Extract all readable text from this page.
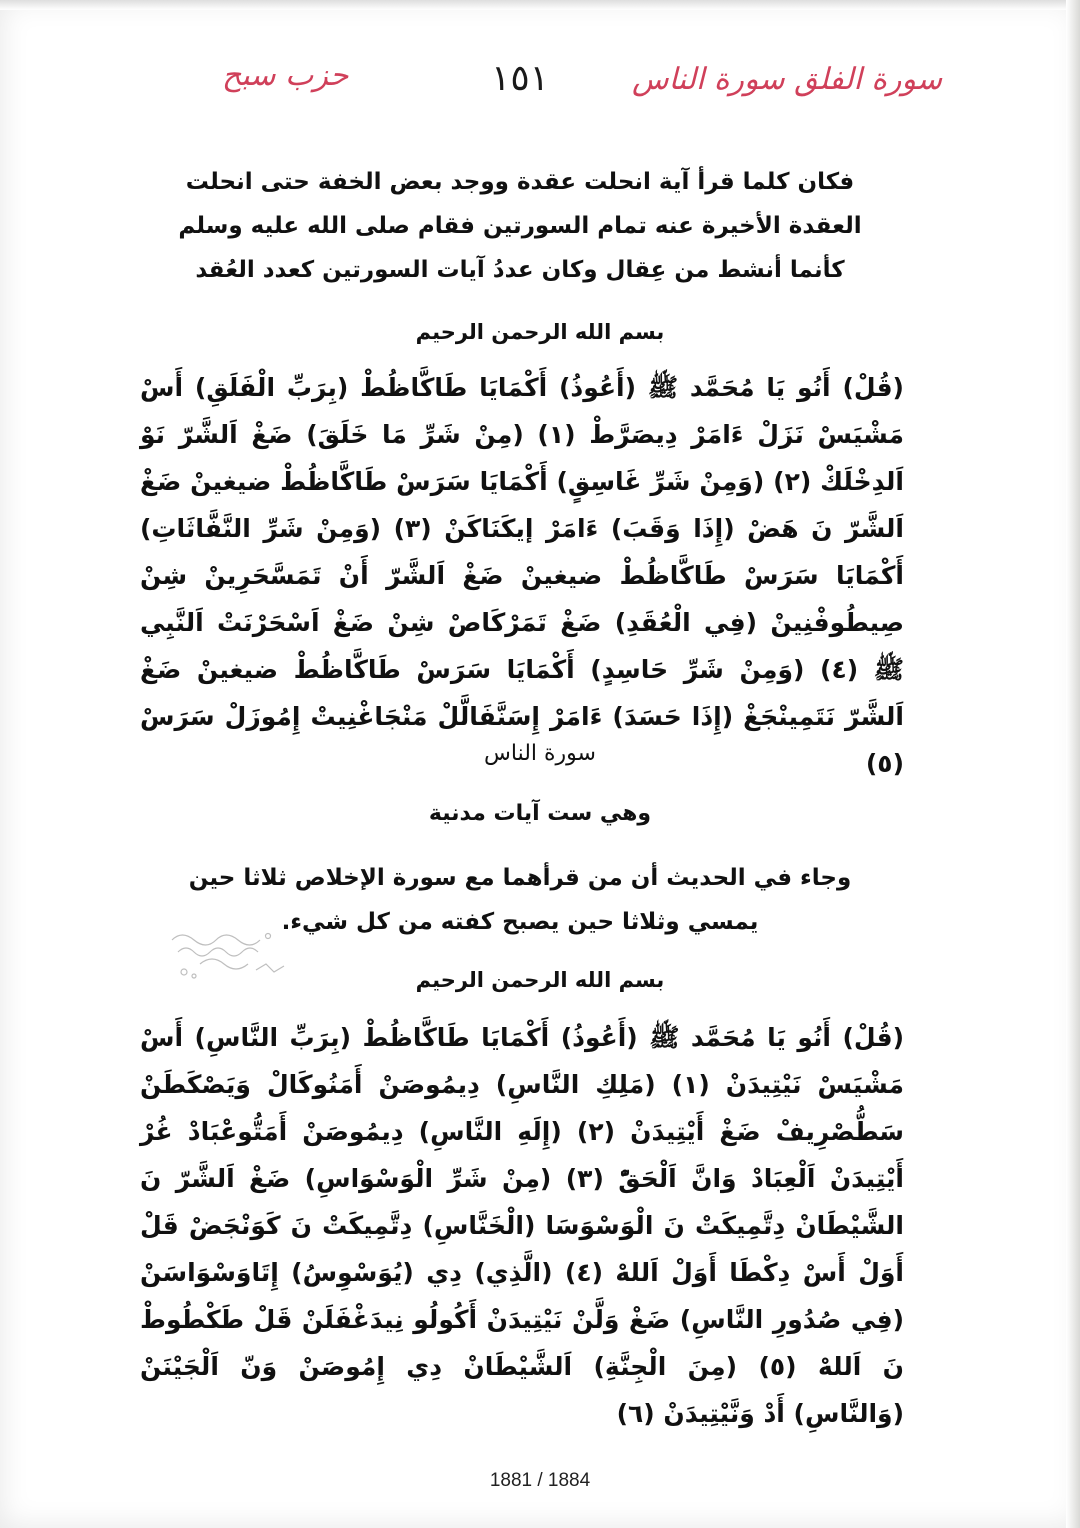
حزب سبح	١٥١	سورة الفلق سورة الناس
فكان كلما قرأ آية انحلت عقدة ووجد بعض الخفة حتى انحلت العقدة الأخيرة عنه تمام السورتين فقام صلى الله عليه وسلم كأنما أنشط من عِقال وكان عددُ آيات السورتين كعدد العُقد
بسم الله الرحمن الرحيم
(قُلْ) أَنُو يَا مُحَمَّد ﷺ (أَعُوذُ) أَكْمَايَا طَاكَّاظُطْ (بِرَبِّ الْفَلَقِ) أَسْ مَشْيَسْ نَزَلْ ءَامَرْ دِيصَرَّطْ (١) (مِنْ شَرِّ مَا خَلَقَ) ضَغْ اَلشَّرّ نَوْ اَلدِخْلَكْ (٢) (وَمِنْ شَرِّ غَاسِقٍ) أَكْمَايَا سَرَسْ طَاكَّاظُطْ ضيغينْ ضَغْ اَلشَّرّ نَ هَضْ (إِذَا وَقَبَ) ءَامَرْ إيكَنَاكَنْ (٣) (وَمِنْ شَرِّ النَّفَّاثَاتِ) أَكْمَايَا سَرَسْ طَاكَّاظُطْ ضيغينْ ضَغْ اَلشَّرّ أَنْ تَمَسَّحَرِينْ شِنْ صِيطُوفْنِينْ (فِي الْعُقَدِ) ضَغْ تَمَرْكَاصْ شِنْ ضَغْ اَسْحَرْنَتْ اَلنَّبِي ﷺ (٤) (وَمِنْ شَرِّ حَاسِدٍ) أَكْمَايَا سَرَسْ طَاكَّاظُطْ ضيغينْ ضَغْ اَلشَّرّ نَتَمِينْجَغْ (إِذَا حَسَدَ) ءَامَرْ إِسَنَّفَالَّلْ مَنْجَاغْنِيتْ إِمُوزَلْ سَرَسْ (٥)
سورة الناس
وهي ست آيات مدنية
وجاء في الحديث أن من قرأهما مع سورة الإخلاص ثلاثا حين يمسي وثلاثا حين يصبح كفته من كل شيء.
بسم الله الرحمن الرحيم
(قُلْ) أَنُو يَا مُحَمَّد ﷺ (أَعُوذُ) أَكْمَايَا طَاكَّاظُطْ (بِرَبِّ النَّاسِ) أَسْ مَشْيَسْ نَيْتِيدَنْ (١) (مَلِكِ النَّاسِ) دِيمُوصَنْ أَمَنُوكَالْ وَيَصْكَطَنْ سَطُّصْرِيفْ ضَغْ أَيْتِيدَنْ (٢) (إِلَهِ النَّاسِ) دِيمُوصَنْ أَمَتُّوعْبَادْ غُرْ أَيْتِيدَنْ اَلْعِبَادْ وَانَّ اَلْحَقّْ (٣) (مِنْ شَرِّ الْوَسْوَاسِ) ضَغْ اَلشَّرّ نَ الشَّيْطَانْ دِتَّمِيكَتْ نَ الْوَسْوَسَا (الْخَنَّاسِ) دِتَّمِيكَتْ نَ كَوَنْجَضْ قَلْ أَوَلْ أَسْ دِكْطَا أَوَلْ اَللهْ (٤) (الَّذِي) دِي (يُوَسْوِسُ) إِتَاوَسْوَاسَنْ (فِي صُدُورِ النَّاسِ) ضَغْ وَلَّنْ نَيْتِيدَنْ أَكُولُو نِيدَغْفَلَنْ قَلْ طَكْطُوطْ نَ اَللهْ (٥) (مِنَ الْجِنَّةِ) اَلشَّيْطَانْ دِي إِمُوصَنْ وَنّ اَلْجَيْنَنْ (وَالنَّاسِ) أَدْ وَنَّيْتِيدَنْ (٦)
1881 / 1884
